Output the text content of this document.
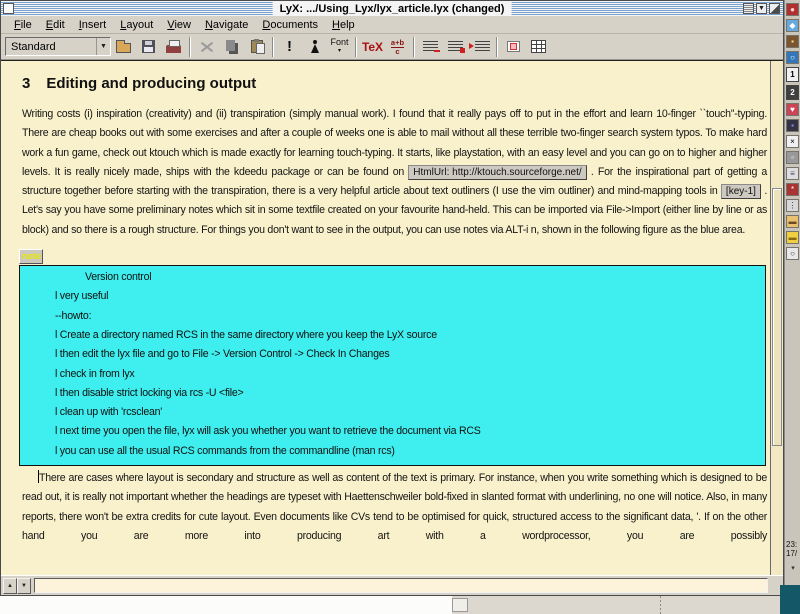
LyX: .../Using_Lyx/lyx_article.lyx (changed)	▼
File	Edit	Insert	Layout	View	Navigate	Documents	Help
Standard	▼	!	Font
▾	TeX $\frac{a+b}{c}$
3 Editing and producing output
Writing costs (i) inspiration (creativity) and (ii) transpiration (simply manual work). I found that it really pays off to put in the effort and learn 10-finger ``touch''-typing. There are cheap books out with some exercises and after a couple of weeks one is able to mail without all these terrible two-finger search system typos. To make hard work a fun game, check out ktouch which is made exactly for learning touch-typing. It starts, like playstation, with an easy level and you can go on to higher and higher levels. It is really nicely made, ships with the kdeedu package or can be found on HtmlUrl: http://ktouch.sourceforge.net/ . For the inspirational part of getting a structure together before starting with the transpiration, there is a very helpful article about text outliners (I use the vim outliner) and mind-mapping tools in [key-1] . Let's say you have some preliminary notes which sit in some textfile created on your favourite hand-held. This can be imported via File->Import (either line by line or as block) and so there is a rough structure. For things you don't want to see in the output, you can use notes via ALT-i n, shown in the following figure as the blue area.
note
Version control
l very useful
--howto:
l Create a directory named RCS in the same directory where you keep the LyX source
l then edit the lyx file and go to File -> Version Control -> Check In Changes
l check in from lyx
l then disable strict locking via rcs -U <file>
l clean up with 'rcsclean'
l next time you open the file, lyx will ask you whether you want to retrieve the document via RCS
l you can use all the usual RCS commands from the commandline (man rcs)
There are cases where layout is secondary and structure as well as content of the text is primary. For instance, when you write something which is designed to be read out, it is really not important whether the headings are typeset with Haettenschweiler bold-fixed in slanted format with underlining, no one will notice. Also, in many reports, there won't be extra credits for cute layout. Even documents like CVs tend to be optimised for quick, structured access to the significant data, '. If on the other hand you are more into producing art with a wordprocessor, you are possibly
▲	▼
●
◆
▪
○
1
2
♥
▪
×
▫
≡
*
⋮
▬
▬
○
23:
17/
▾
